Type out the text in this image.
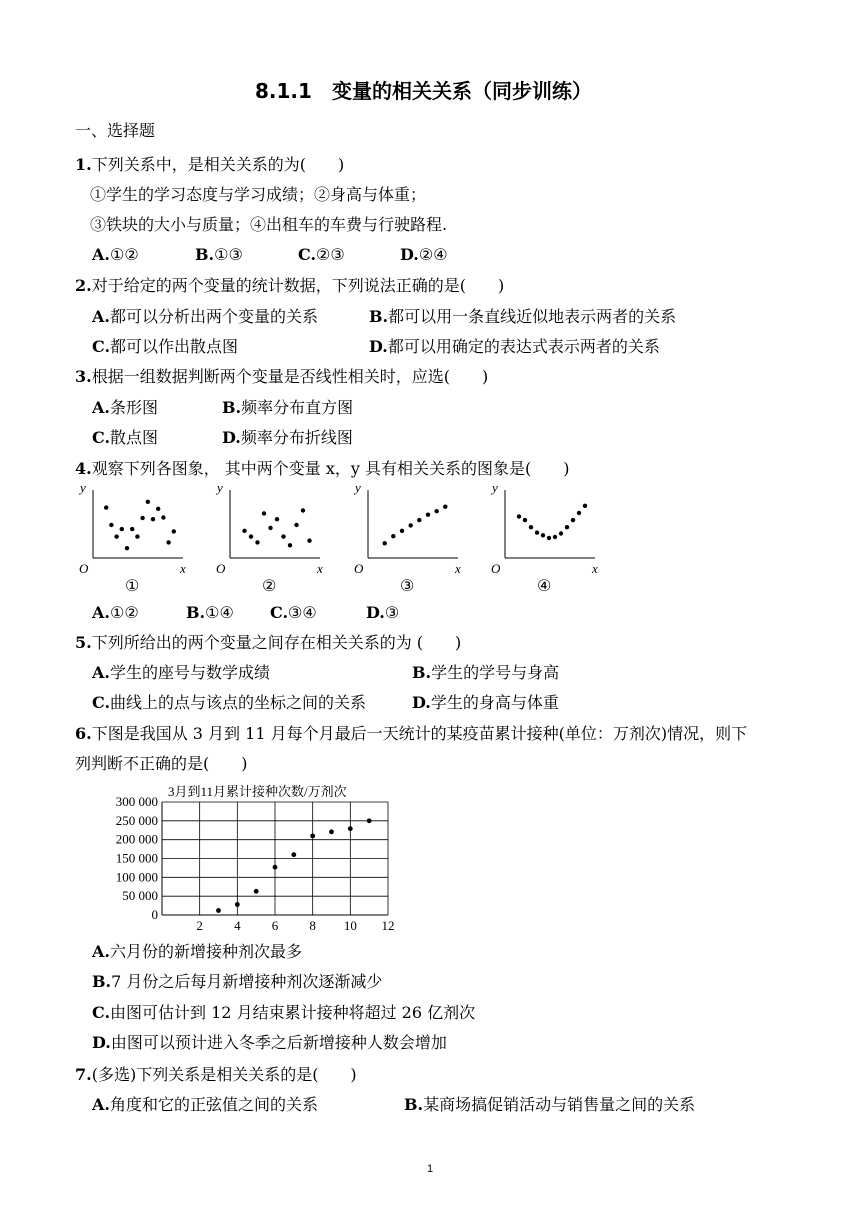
8.1.1　变量的相关关系（同步训练）
一、选择题
1.下列关系中，是相关关系的为(　　)
①学生的学习态度与学习成绩；②身高与体重；
③铁块的大小与质量；④出租车的车费与行驶路程.
A.①②	B.①③	C.②③	D.②④
2.对于给定的两个变量的统计数据，下列说法正确的是(　　)
A.都可以分析出两个变量的关系	B.都可以用一条直线近似地表示两者的关系
C.都可以作出散点图	D.都可以用确定的表达式表示两者的关系
3.根据一组数据判断两个变量是否线性相关时，应选(　　)
A.条形图	B.频率分布直方图
C.散点图	D.频率分布折线图
4.观察下列各图象， 其中两个变量 x，y 具有相关关系的图象是(　　)
y
x
O
①
y
x
O
②
y
x
O
③
y
x
O
④
A.①②	B.①④ C.③④	D.③
5.下列所给出的两个变量之间存在相关关系的为 (　　)
A.学生的座号与数学成绩	B.学生的学号与身高
C.曲线上的点与该点的坐标之间的关系	D.学生的身高与体重
6.下图是我国从 3 月到 11 月每个月最后一天统计的某疫苗累计接种(单位：万剂次)情况，则下
列判断不正确的是(　　)
3月到11月累计接种次数/万剂次
0
50 000
100 000
150 000
200 000
250 000
300 000
2 4 6 8 10 12
A.六月份的新增接种剂次最多
B.7 月份之后每月新增接种剂次逐渐减少
C.由图可估计到 12 月结束累计接种将超过 26 亿剂次
D.由图可以预计进入冬季之后新增接种人数会增加
7.(多选)下列关系是相关关系的是(　　)
A.角度和它的正弦值之间的关系	B.某商场搞促销活动与销售量之间的关系
1
